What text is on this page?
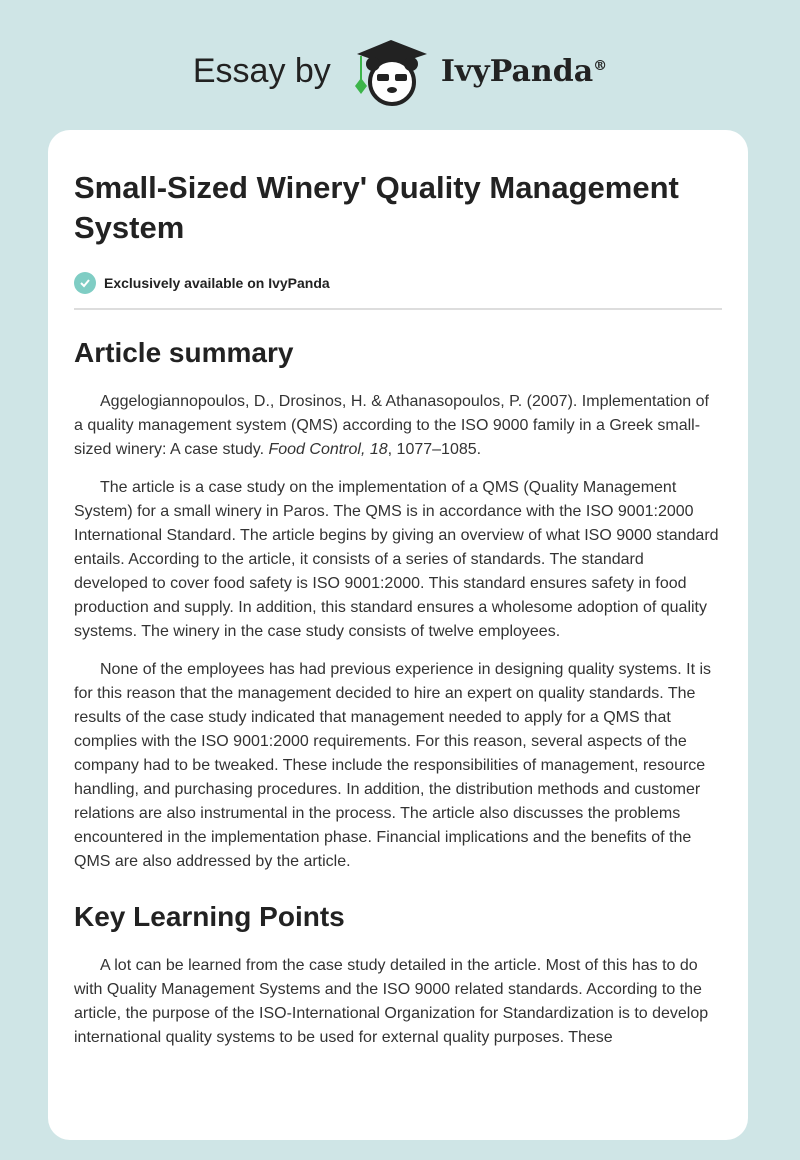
Essay by	IvyPanda®
Small-Sized Winery' Quality Management System
Exclusively available on IvyPanda
Article summary

Aggelogiannopoulos, D., Drosinos, H. & Athanasopoulos, P. (2007). Implementation of a quality management system (QMS) according to the ISO 9000 family in a Greek small-sized winery: A case study. Food Control, 18, 1077–1085.

The article is a case study on the implementation of a QMS (Quality Management System) for a small winery in Paros. The QMS is in accordance with the ISO 9001:2000 International Standard. The article begins by giving an overview of what ISO 9000 standard entails. According to the article, it consists of a series of standards. The standard developed to cover food safety is ISO 9001:2000. This standard ensures safety in food production and supply. In addition, this standard ensures a wholesome adoption of quality systems. The winery in the case study consists of twelve employees.

None of the employees has had previous experience in designing quality systems. It is for this reason that the management decided to hire an expert on quality standards. The results of the case study indicated that management needed to apply for a QMS that complies with the ISO 9001:2000 requirements. For this reason, several aspects of the company had to be tweaked. These include the responsibilities of management, resource handling, and purchasing procedures. In addition, the distribution methods and customer relations are also instrumental in the process. The article also discusses the problems encountered in the implementation phase. Financial implications and the benefits of the QMS are also addressed by the article.

Key Learning Points

A lot can be learned from the case study detailed in the article. Most of this has to do with Quality Management Systems and the ISO 9000 related standards. According to the article, the purpose of the ISO-International Organization for Standardization is to develop international quality systems to be used for external quality purposes. These
